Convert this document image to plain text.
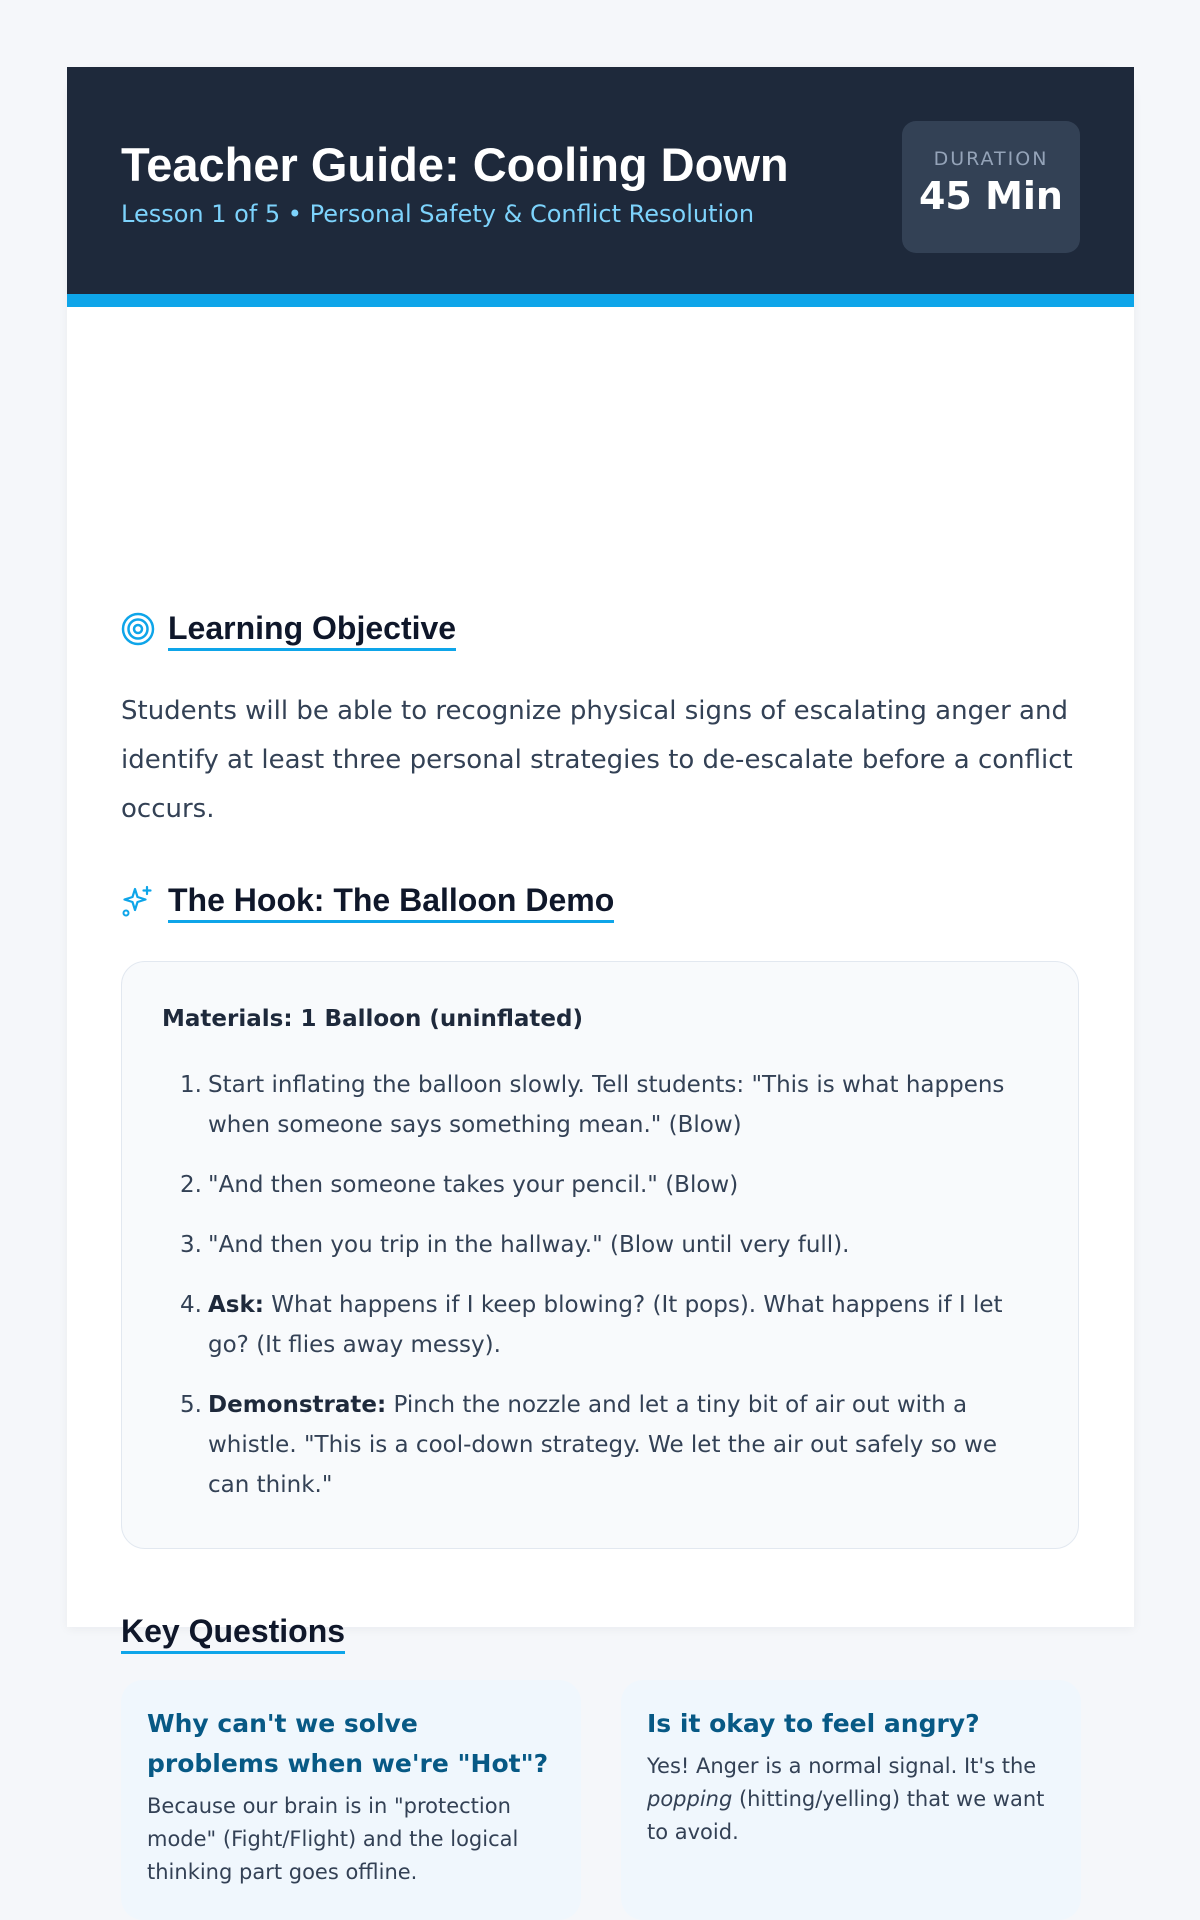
Teacher Guide: Cooling Down
Lesson 1 of 5 • Personal Safety & Conflict Resolution
DURATION
45 Min
Learning Objective

Students will be able to recognize physical signs of escalating anger and identify at least three personal strategies to de-escalate before a conflict occurs.

The Hook: The Balloon Demo
Materials: 1 Balloon (uninflated)
1. Start inflating the balloon slowly. Tell students: "This is what happens when someone says something mean." (Blow)
2. "And then someone takes your pencil." (Blow)
3. "And then you trip in the hallway." (Blow until very full).
4. Ask: What happens if I keep blowing? (It pops). What happens if I let go? (It flies away messy).
5. Demonstrate: Pinch the nozzle and let a tiny bit of air out with a whistle. "This is a cool-down strategy. We let the air out safely so we can think."
Key Questions

Why can't we solve problems when we're "Hot"?

Because our brain is in "protection mode" (Fight/Flight) and the logical thinking part goes offline.

Is it okay to feel angry?

Yes! Anger is a normal signal. It's the popping (hitting/yelling) that we want to avoid.
